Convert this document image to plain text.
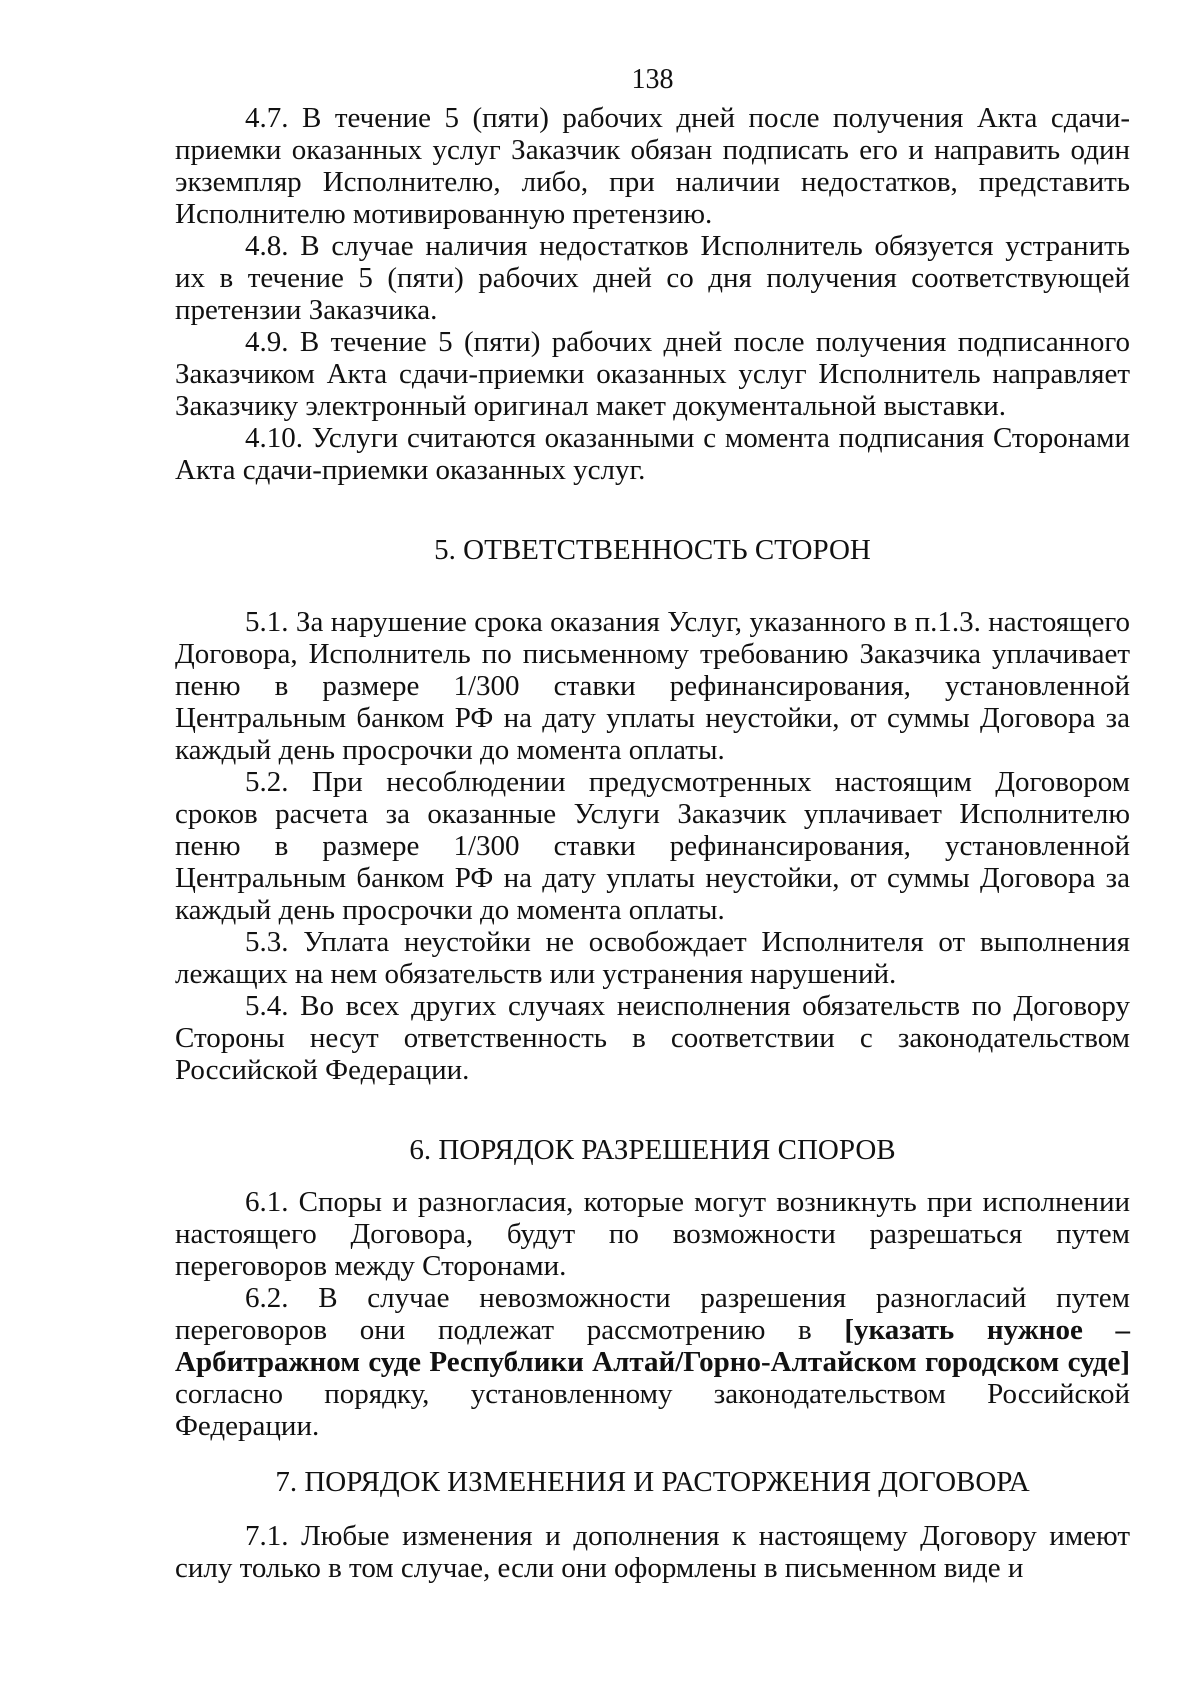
138

4.7. В течение 5 (пяти) рабочих дней после получения Акта сдачи-приемки оказанных услуг Заказчик обязан подписать его и направить один экземпляр Исполнителю, либо, при наличии недостатков, представить Исполнителю мотивированную претензию.

4.8. В случае наличия недостатков Исполнитель обязуется устранить их в течение 5 (пяти) рабочих дней со дня получения соответствующей претензии Заказчика.

4.9. В течение 5 (пяти) рабочих дней после получения подписанного Заказчиком Акта сдачи-приемки оказанных услуг Исполнитель направляет Заказчику электронный оригинал макет документальной выставки.

4.10. Услуги считаются оказанными с момента подписания Сторонами Акта сдачи-приемки оказанных услуг.

5. ОТВЕТСТВЕННОСТЬ СТОРОН

5.1. За нарушение срока оказания Услуг, указанного в п.1.3. настоящего Договора, Исполнитель по письменному требованию Заказчика уплачивает пеню в размере 1/300 ставки рефинансирования, установленной Центральным банком РФ на дату уплаты неустойки, от суммы Договора за каждый день просрочки до момента оплаты.

5.2. При несоблюдении предусмотренных настоящим Договором сроков расчета за оказанные Услуги Заказчик уплачивает Исполнителю пеню в размере 1/300 ставки рефинансирования, установленной Центральным банком РФ на дату уплаты неустойки, от суммы Договора за каждый день просрочки до момента оплаты.

5.3. Уплата неустойки не освобождает Исполнителя от выполнения лежащих на нем обязательств или устранения нарушений.

5.4. Во всех других случаях неисполнения обязательств по Договору Стороны несут ответственность в соответствии с законодательством Российской Федерации.

6. ПОРЯДОК РАЗРЕШЕНИЯ СПОРОВ

6.1. Споры и разногласия, которые могут возникнуть при исполнении настоящего Договора, будут по возможности разрешаться путем переговоров между Сторонами.

6.2. В случае невозможности разрешения разногласий путем переговоров они подлежат рассмотрению в [указать нужное – Арбитражном суде Республики Алтай/Горно-Алтайском городском суде] согласно порядку, установленному законодательством Российской Федерации.

7. ПОРЯДОК ИЗМЕНЕНИЯ И РАСТОРЖЕНИЯ ДОГОВОРА

7.1. Любые изменения и дополнения к настоящему Договору имеют силу только в том случае, если они оформлены в письменном виде и
